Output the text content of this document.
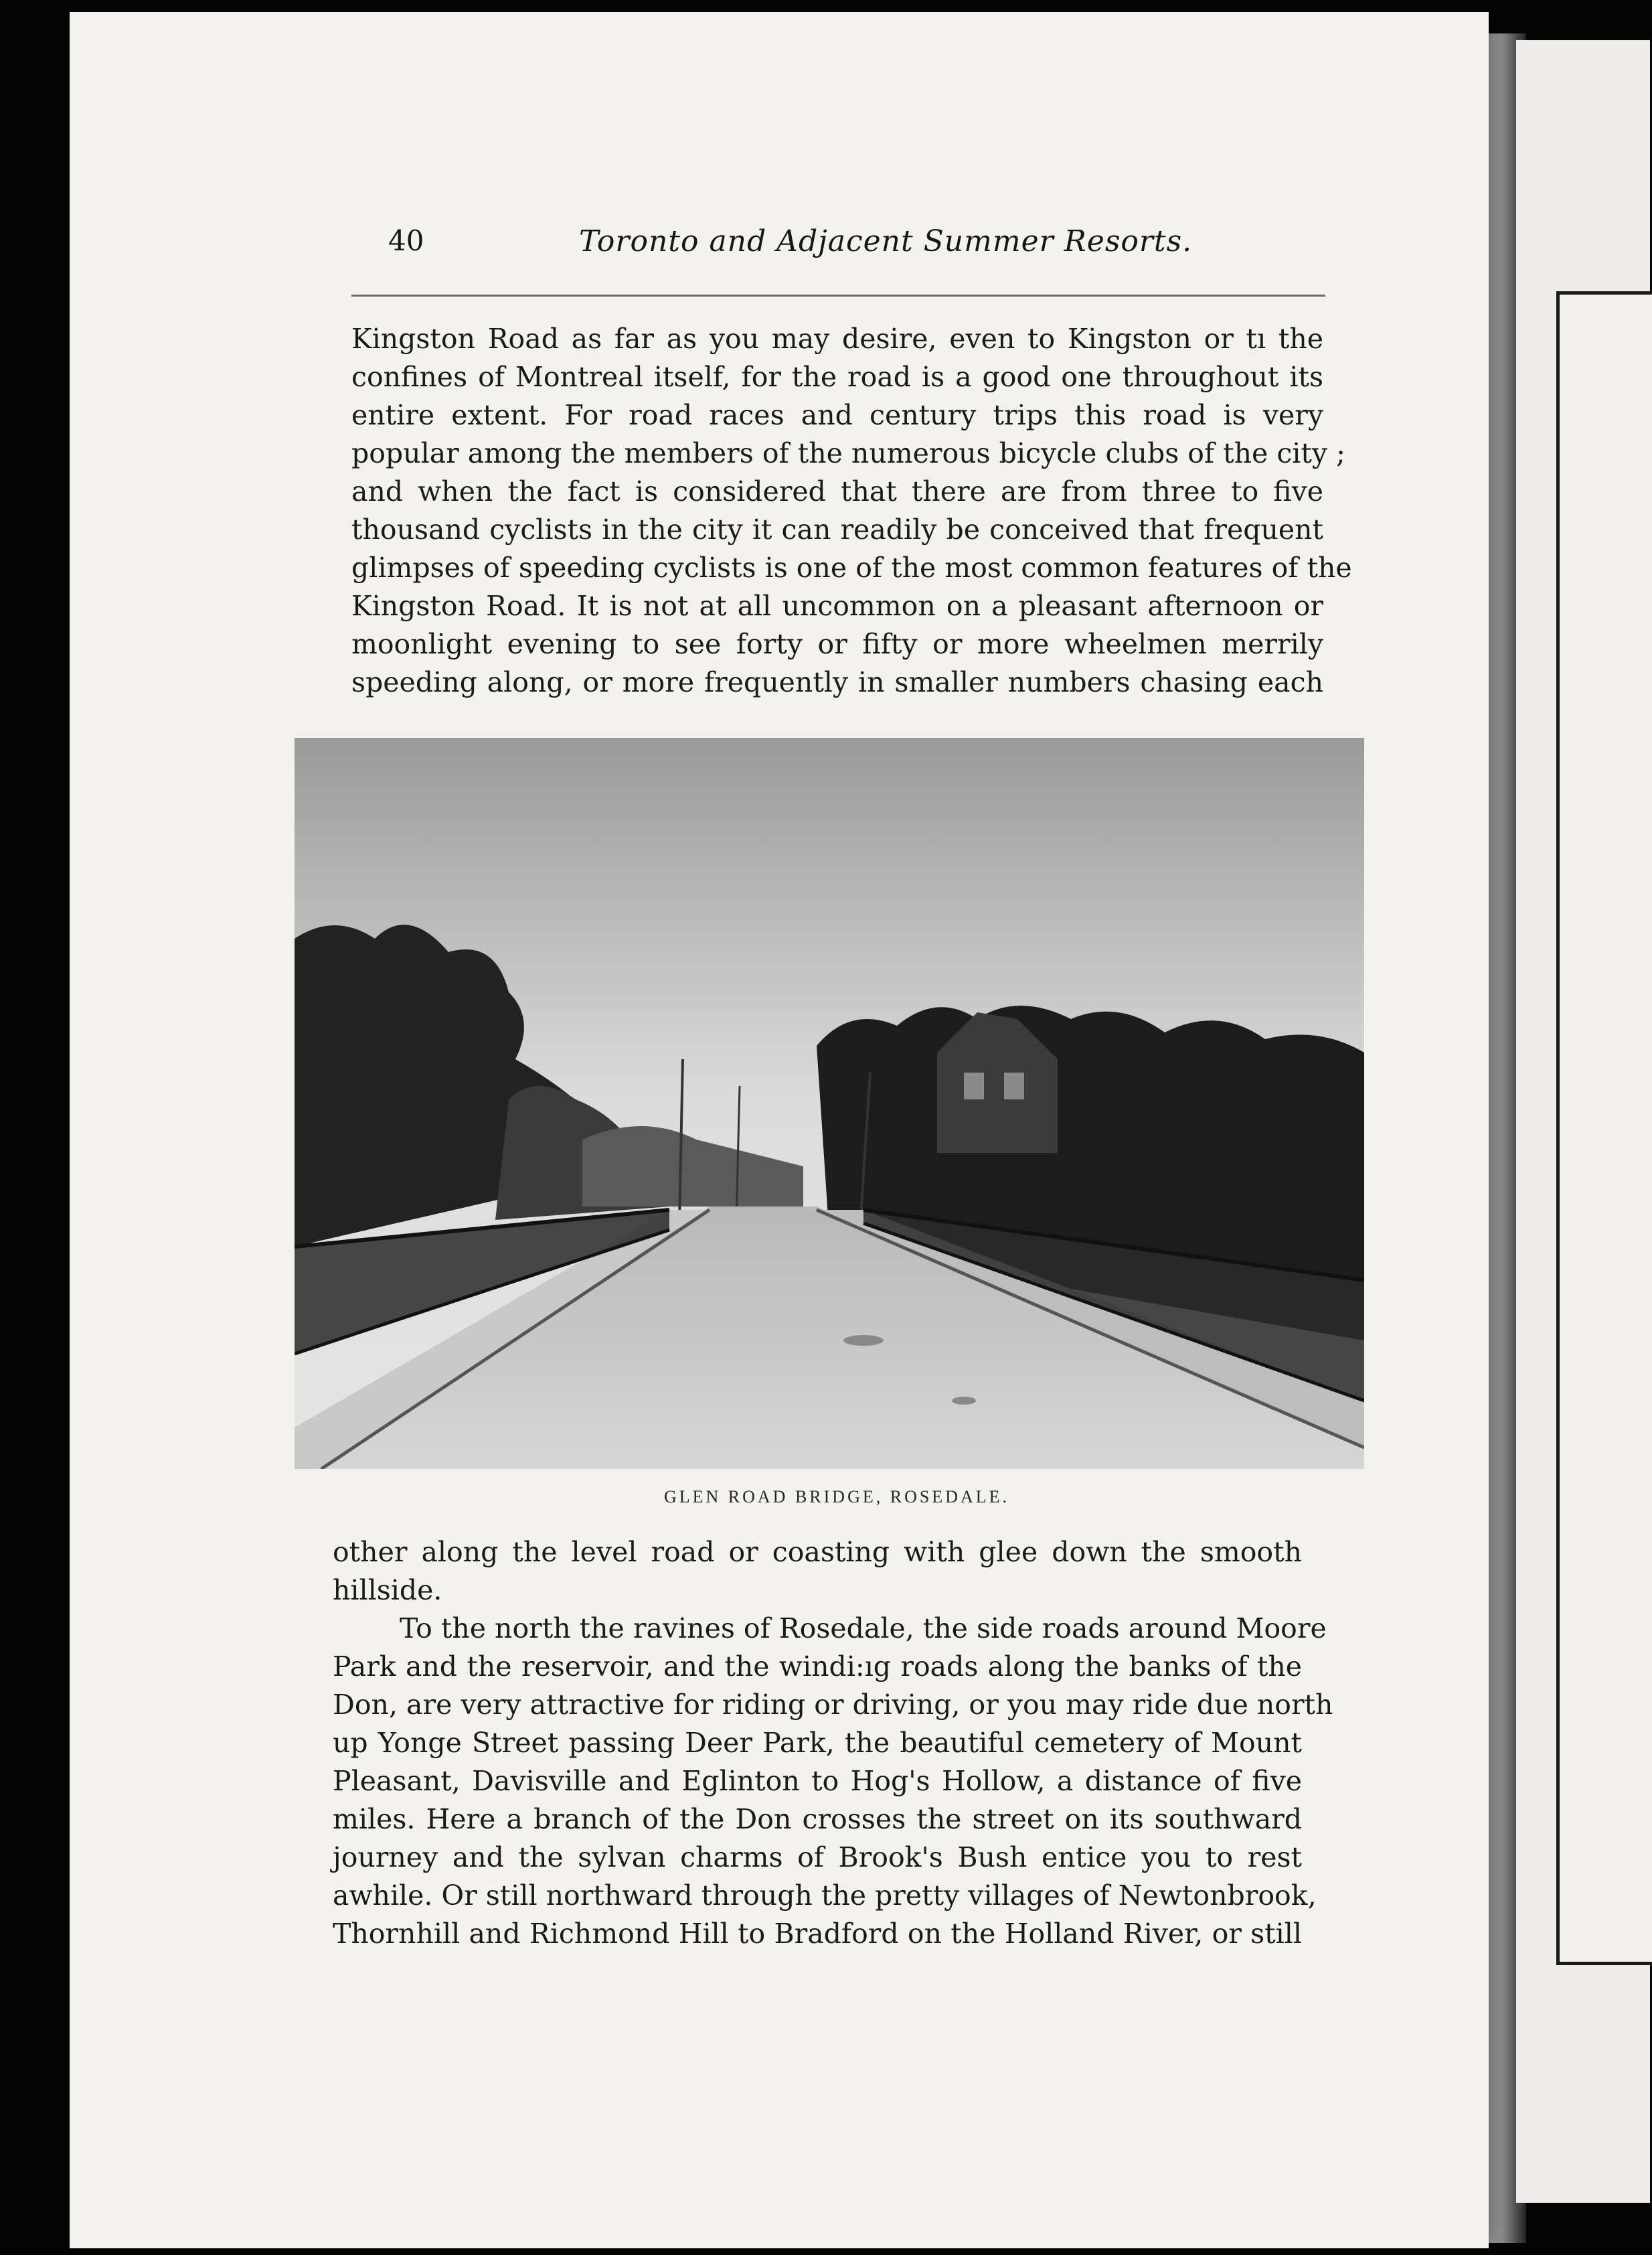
40	Toronto and Adjacent Summer Resorts.
Kingston Road as far as you may desire, even to Kingston or tı the
confines of Montreal itself, for the road is a good one throughout its
entire extent. For road races and century trips this road is very
popular among the members of the numerous bicycle clubs of the city ;
and when the fact is considered that there are from three to five
thousand cyclists in the city it can readily be conceived that frequent
glimpses of speeding cyclists is one of the most common features of the
Kingston Road. It is not at all uncommon on a pleasant afternoon or
moonlight evening to see forty or fifty or more wheelmen merrily
speeding along, or more frequently in smaller numbers chasing each
GLEN ROAD BRIDGE, ROSEDALE.
other along the level road or coasting with glee down the smooth
hillside.
To the north the ravines of Rosedale, the side roads around Moore
Park and the reservoir, and the windi:ıg roads along the banks of the
Don, are very attractive for riding or driving, or you may ride due north
up Yonge Street passing Deer Park, the beautiful cemetery of Mount
Pleasant, Davisville and Eglinton to Hog's Hollow, a distance of five
miles. Here a branch of the Don crosses the street on its southward
journey and the sylvan charms of Brook's Bush entice you to rest
awhile. Or still northward through the pretty villages of Newtonbrook,
Thornhill and Richmond Hill to Bradford on the Holland River, or still
